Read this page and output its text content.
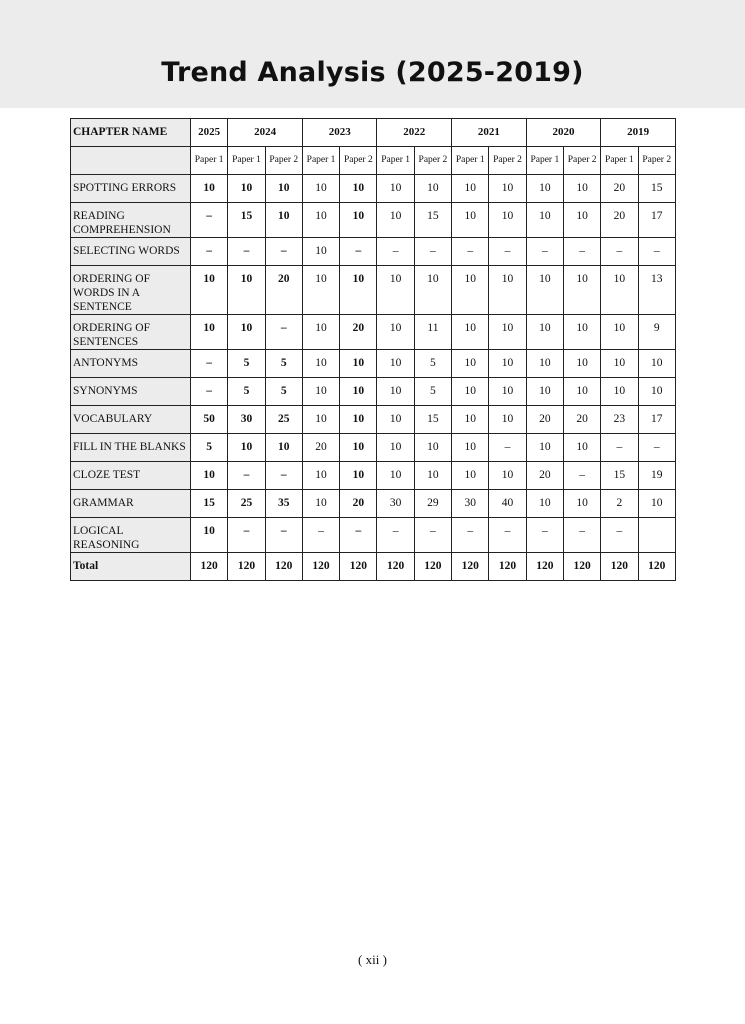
Trend Analysis (2025-2019)
CHAPTER NAME	2025	2024		2023		2022		2021		2020		2019	
	Paper 1	Paper 1	Paper 2	Paper 1	Paper 2	Paper 1	Paper 2	Paper 1	Paper 2	Paper 1	Paper 2	Paper 1	Paper 2
SPOTTING ERRORS	10	10	10	10	10	10	10	10	10	10	10	20	15
READING COMPREHENSION	–	15	10	10	10	10	15	10	10	10	10	20	17
SELECTING WORDS	–	–	–	10	–	–	–	–	–	–	–	–	–
ORDERING OF WORDS IN A SENTENCE	10	10	20	10	10	10	10	10	10	10	10	10	13
ORDERING OF SENTENCES	10	10	–	10	20	10	11	10	10	10	10	10	9
ANTONYMS	–	5	5	10	10	10	5	10	10	10	10	10	10
SYNONYMS	–	5	5	10	10	10	5	10	10	10	10	10	10
VOCABULARY	50	30	25	10	10	10	15	10	10	20	20	23	17
FILL IN THE BLANKS	5	10	10	20	10	10	10	10	–	10	10	–	–
CLOZE TEST	10	–	–	10	10	10	10	10	10	20	–	15	19
GRAMMAR	15	25	35	10	20	30	29	30	40	10	10	2	10
LOGICAL REASONING	10	–	–	–	–	–	–	–	–	–	–	–	
Total	120	120	120	120	120	120	120	120	120	120	120	120	120
( xii )
